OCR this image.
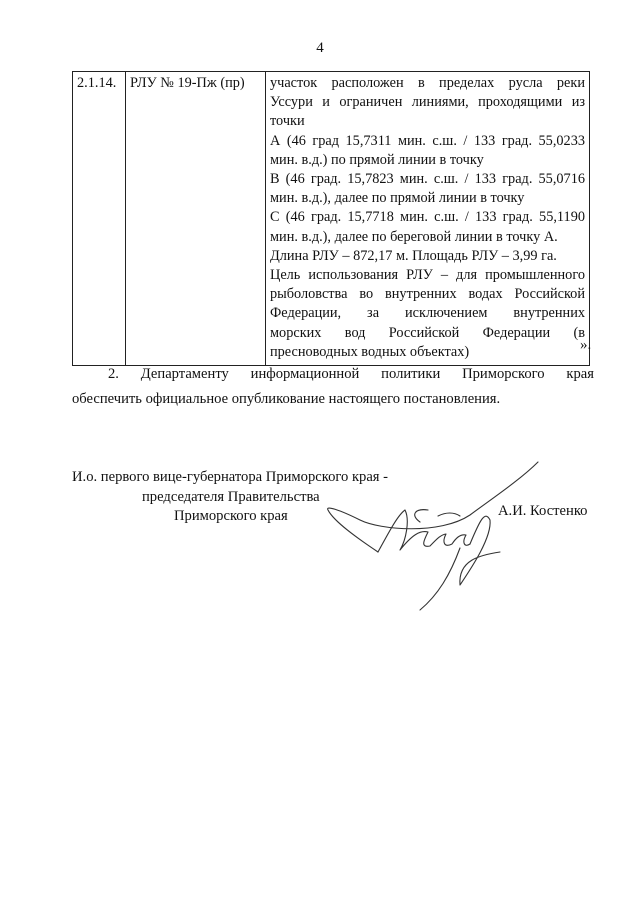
4
2.1.14.	РЛУ № 19-Пж (пр)	участок расположен в пределах русла реки
Уссури и ограничен линиями, проходящими из
точки
А (46 град 15,7311 мин. с.ш. / 133 град. 55,0233
мин. в.д.) по прямой линии в точку
В (46 град. 15,7823 мин. с.ш. / 133 град. 55,0716
мин. в.д.), далее по прямой линии в точку
С (46 град. 15,7718 мин. с.ш. / 133 град. 55,1190
мин. в.д.), далее по береговой линии в точку А.
Длина РЛУ – 872,17 м. Площадь РЛУ – 3,99 га.
Цель использования РЛУ – для промышленного
рыболовства во внутренних водах Российской
Федерации, за исключением внутренних
морских вод Российской Федерации (в
пресноводных водных объектах)	».
2. Департаменту информационной политики Приморского края
обеспечить официальное опубликование настоящего постановления.
И.о. первого вице-губернатора Приморского края -
председателя Правительства
Приморского края	А.И. Костенко
